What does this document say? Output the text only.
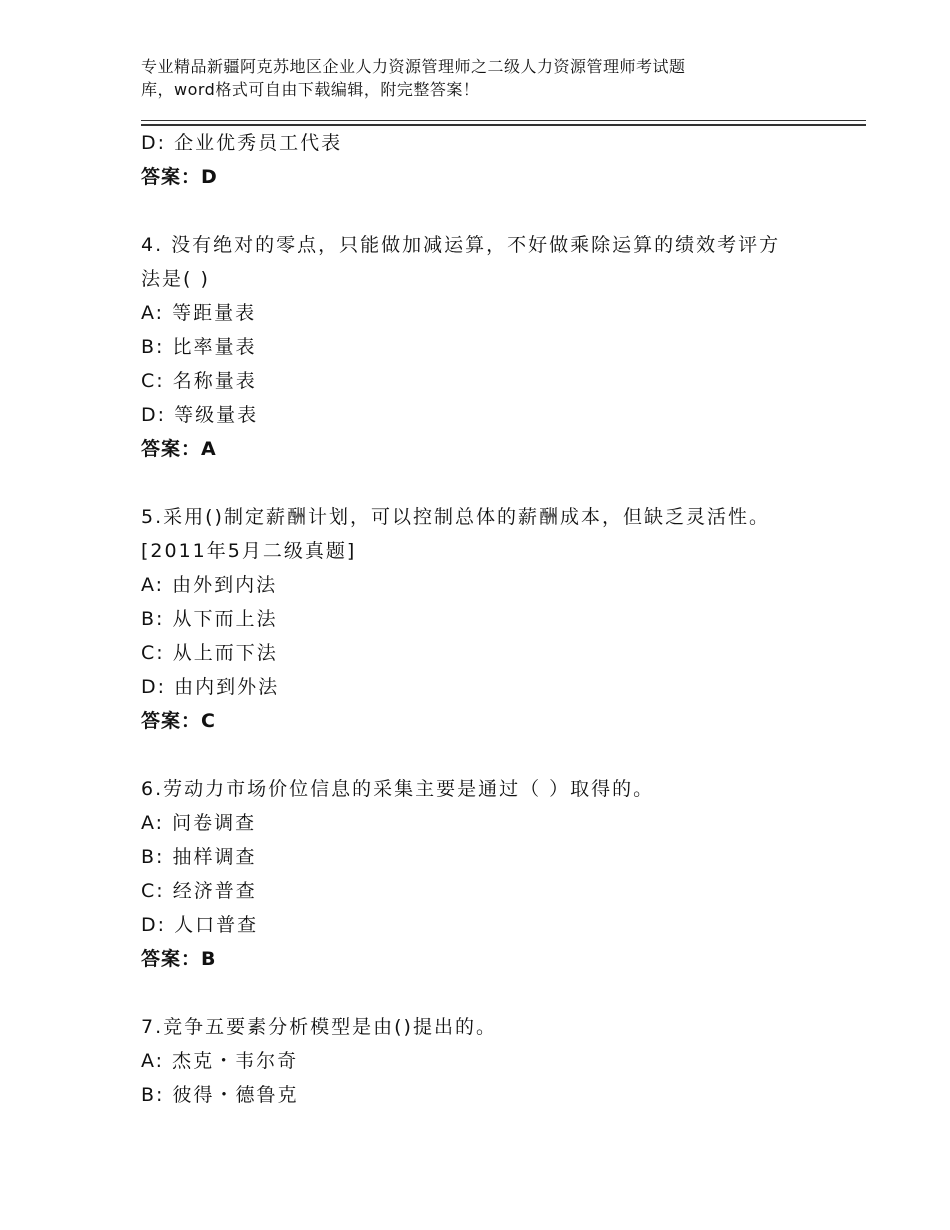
专业精品新疆阿克苏地区企业人力资源管理师之二级人力资源管理师考试题
库，word格式可自由下载编辑，附完整答案！
D: 企业优秀员工代表
答案：D
4. 没有绝对的零点，只能做加减运算，不好做乘除运算的绩效考评方
法是( )
A: 等距量表
B: 比率量表
C: 名称量表
D: 等级量表
答案：A
5.采用()制定薪酬计划，可以控制总体的薪酬成本，但缺乏灵活性。
[2011年5月二级真题]
A: 由外到内法
B: 从下而上法
C: 从上而下法
D: 由内到外法
答案：C
6.劳动力市场价位信息的采集主要是通过（ ）取得的。
A: 问卷调查
B: 抽样调查
C: 经济普查
D: 人口普查
答案：B
7.竞争五要素分析模型是由()提出的。
A: 杰克・韦尔奇
B: 彼得・德鲁克
